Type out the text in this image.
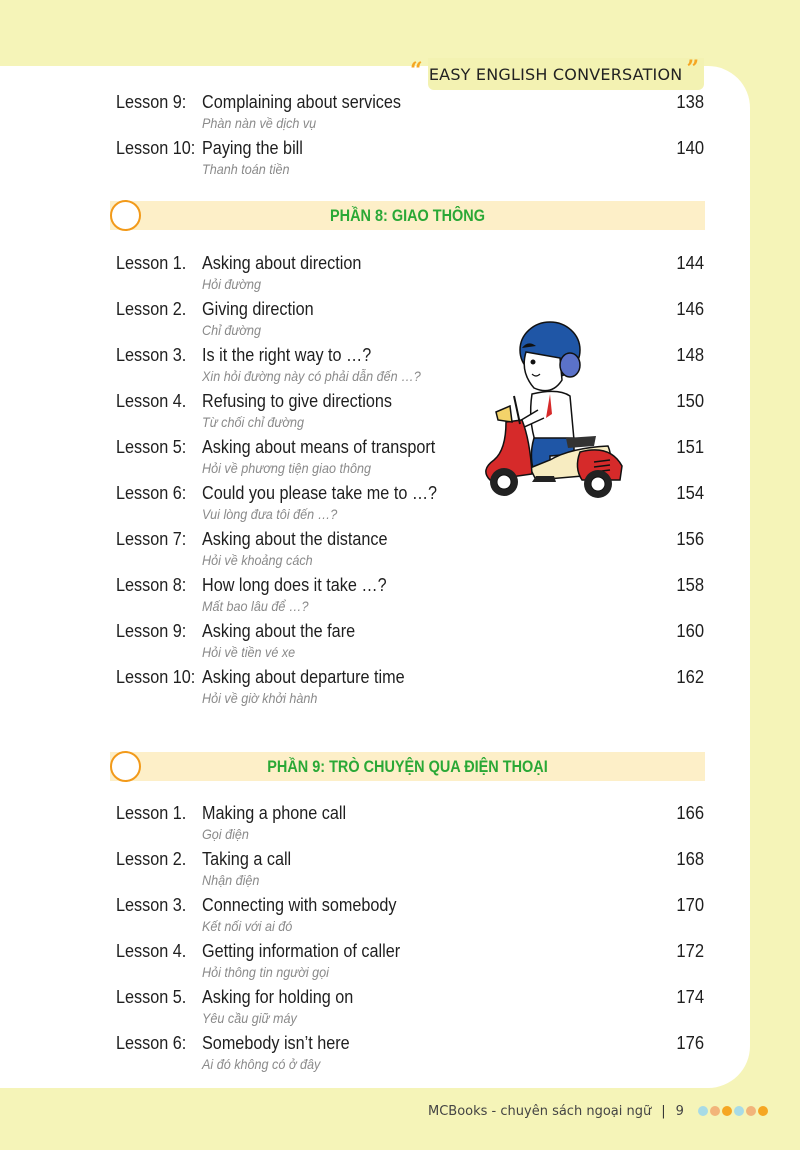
“ EASY ENGLISH CONVERSATION ”
Lesson 9: Complaining about services
Phàn nàn về dịch vụ
138
Lesson 10: Paying the bill
Thanh toán tiền
140
PHẦN 8: GIAO THÔNG
Lesson 1. Asking about direction
Hỏi đường
144
Lesson 2. Giving direction
Chỉ đường
146
Lesson 3. Is it the right way to …?
Xin hỏi đường này có phải dẫn đến …?
148
Lesson 4. Refusing to give directions
Từ chối chỉ đường
150
Lesson 5: Asking about means of transport
Hỏi về phương tiện giao thông
151
Lesson 6: Could you please take me to …?
Vui lòng đưa tôi đến …?
154
Lesson 7: Asking about the distance
Hỏi về khoảng cách
156
Lesson 8: How long does it take …?
Mất bao lâu để …?
158
Lesson 9: Asking about the fare
Hỏi về tiền vé xe
160
Lesson 10: Asking about departure time
Hỏi về giờ khởi hành
162
PHẦN 9: TRÒ CHUYỆN QUA ĐIỆN THOẠI
Lesson 1. Making a phone call
Gọi điện
166
Lesson 2. Taking a call
Nhận điện
168
Lesson 3. Connecting with somebody
Kết nối với ai đó
170
Lesson 4. Getting information of caller
Hỏi thông tin người gọi
172
Lesson 5. Asking for holding on
Yêu cầu giữ máy
174
Lesson 6: Somebody isn’t here
Ai đó không có ở đây
176
MCBooks - chuyên sách ngoại ngữ | 9
